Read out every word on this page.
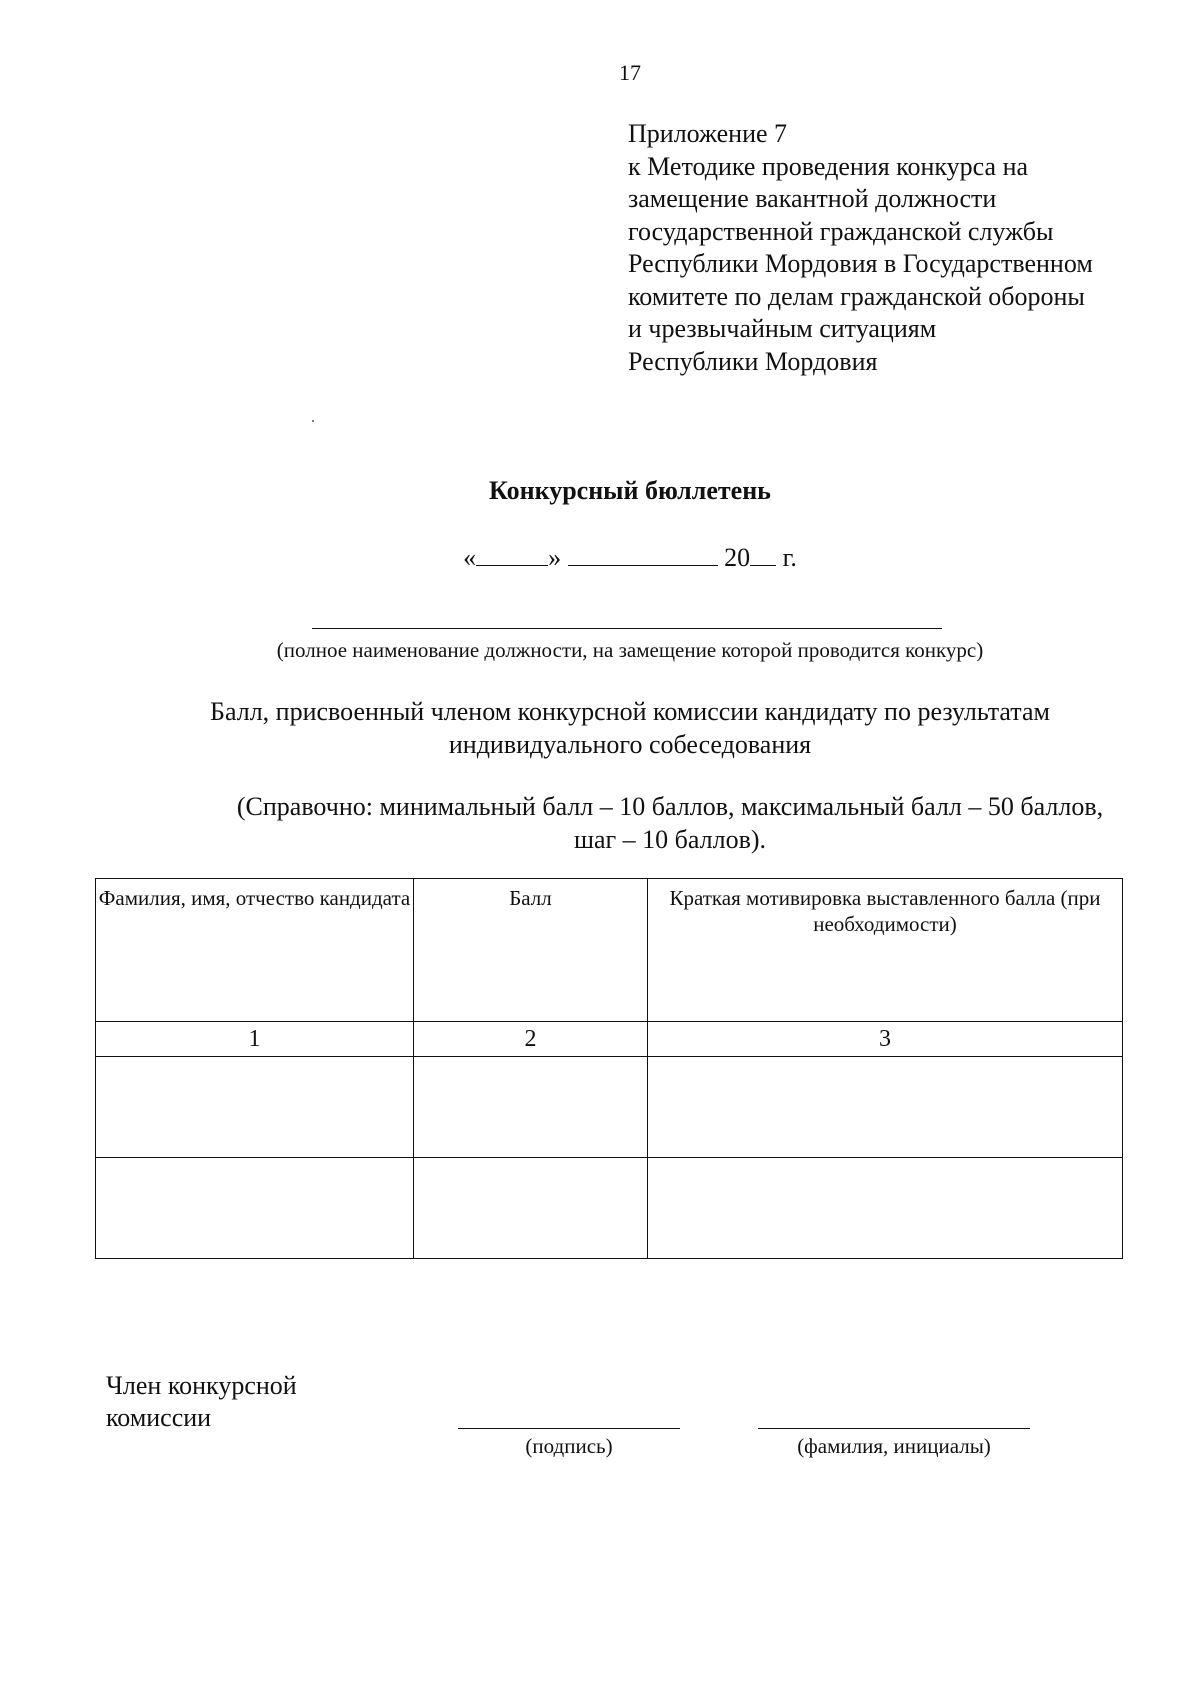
17
Приложение 7
к Методике проведения конкурса на
замещение вакантной должности
государственной гражданской службы
Республики Мордовия в Государственном
комитете по делам гражданской обороны
и чрезвычайным ситуациям
Республики Мордовия
Конкурсный бюллетень
«	»	20 г.
(полное наименование должности, на замещение которой проводится конкурс)
Балл, присвоенный членом конкурсной комиссии кандидату по результатам
индивидуального собеседования
(Справочно: минимальный балл – 10 баллов, максимальный балл – 50 баллов,
шаг – 10 баллов).
Фамилия, имя, отчество кандидата	Балл	Краткая мотивировка выставленного балла (при необходимости)
1	2	3

Член конкурсной
комиссии
(подпись)	(фамилия, инициалы)
